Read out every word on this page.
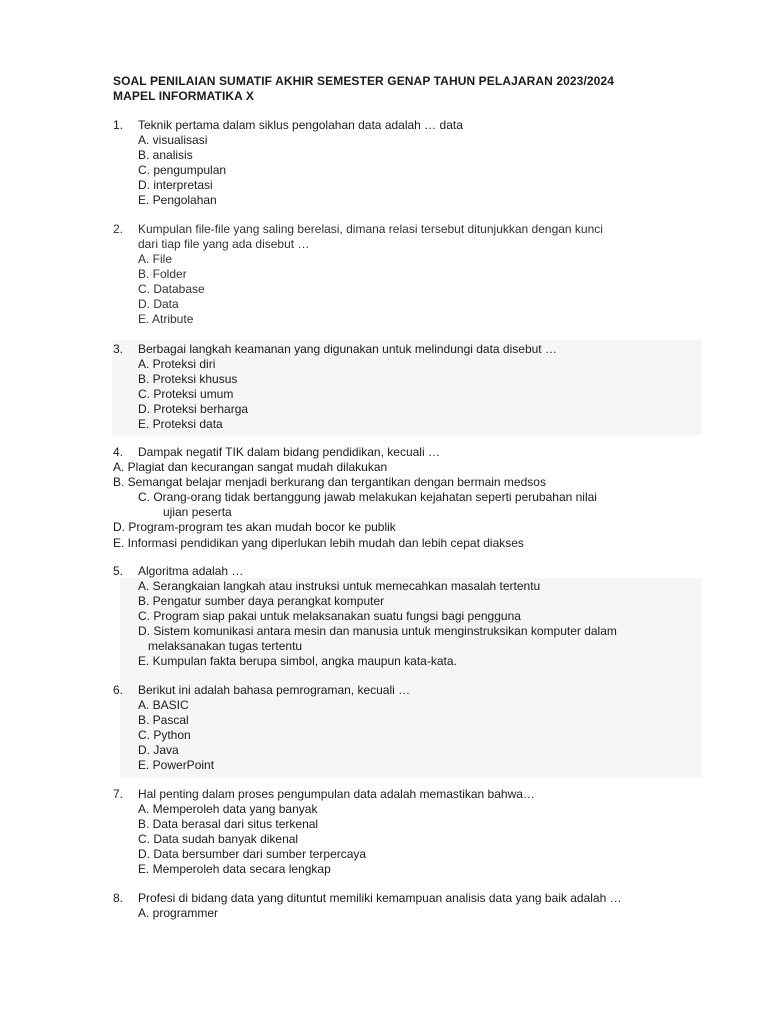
SOAL PENILAIAN SUMATIF AKHIR SEMESTER GENAP TAHUN PELAJARAN 2023/2024
MAPEL INFORMATIKA X
1. Teknik pertama dalam siklus pengolahan data adalah … data
A. visualisasi
B. analisis
C. pengumpulan
D. interpretasi
E. Pengolahan
2. Kumpulan file-file yang saling berelasi, dimana relasi tersebut ditunjukkan dengan kunci
dari tiap file yang ada disebut …
A. File
B. Folder
C. Database
D. Data
E. Atribute
3. Berbagai langkah keamanan yang digunakan untuk melindungi data disebut …
A. Proteksi diri
B. Proteksi khusus
C. Proteksi umum
D. Proteksi berharga
E. Proteksi data
4. Dampak negatif TIK dalam bidang pendidikan, kecuali …
A. Plagiat dan kecurangan sangat mudah dilakukan
B. Semangat belajar menjadi berkurang dan tergantikan dengan bermain medsos
C. Orang-orang tidak bertanggung jawab melakukan kejahatan seperti perubahan nilai
ujian peserta
D. Program-program tes akan mudah bocor ke publik
E. Informasi pendidikan yang diperlukan lebih mudah dan lebih cepat diakses
5. Algoritma adalah …
A. Serangkaian langkah atau instruksi untuk memecahkan masalah tertentu
B. Pengatur sumber daya perangkat komputer
C. Program siap pakai untuk melaksanakan suatu fungsi bagi pengguna
D. Sistem komunikasi antara mesin dan manusia untuk menginstruksikan komputer dalam
melaksanakan tugas tertentu
E. Kumpulan fakta berupa simbol, angka maupun kata-kata.
6. Berikut ini adalah bahasa pemrograman, kecuali …
A. BASIC
B. Pascal
C. Python
D. Java
E. PowerPoint
7. Hal penting dalam proses pengumpulan data adalah memastikan bahwa…
A. Memperoleh data yang banyak
B. Data berasal dari situs terkenal
C. Data sudah banyak dikenal
D. Data bersumber dari sumber terpercaya
E. Memperoleh data secara lengkap
8. Profesi di bidang data yang dituntut memiliki kemampuan analisis data yang baik adalah …
A. programmer
